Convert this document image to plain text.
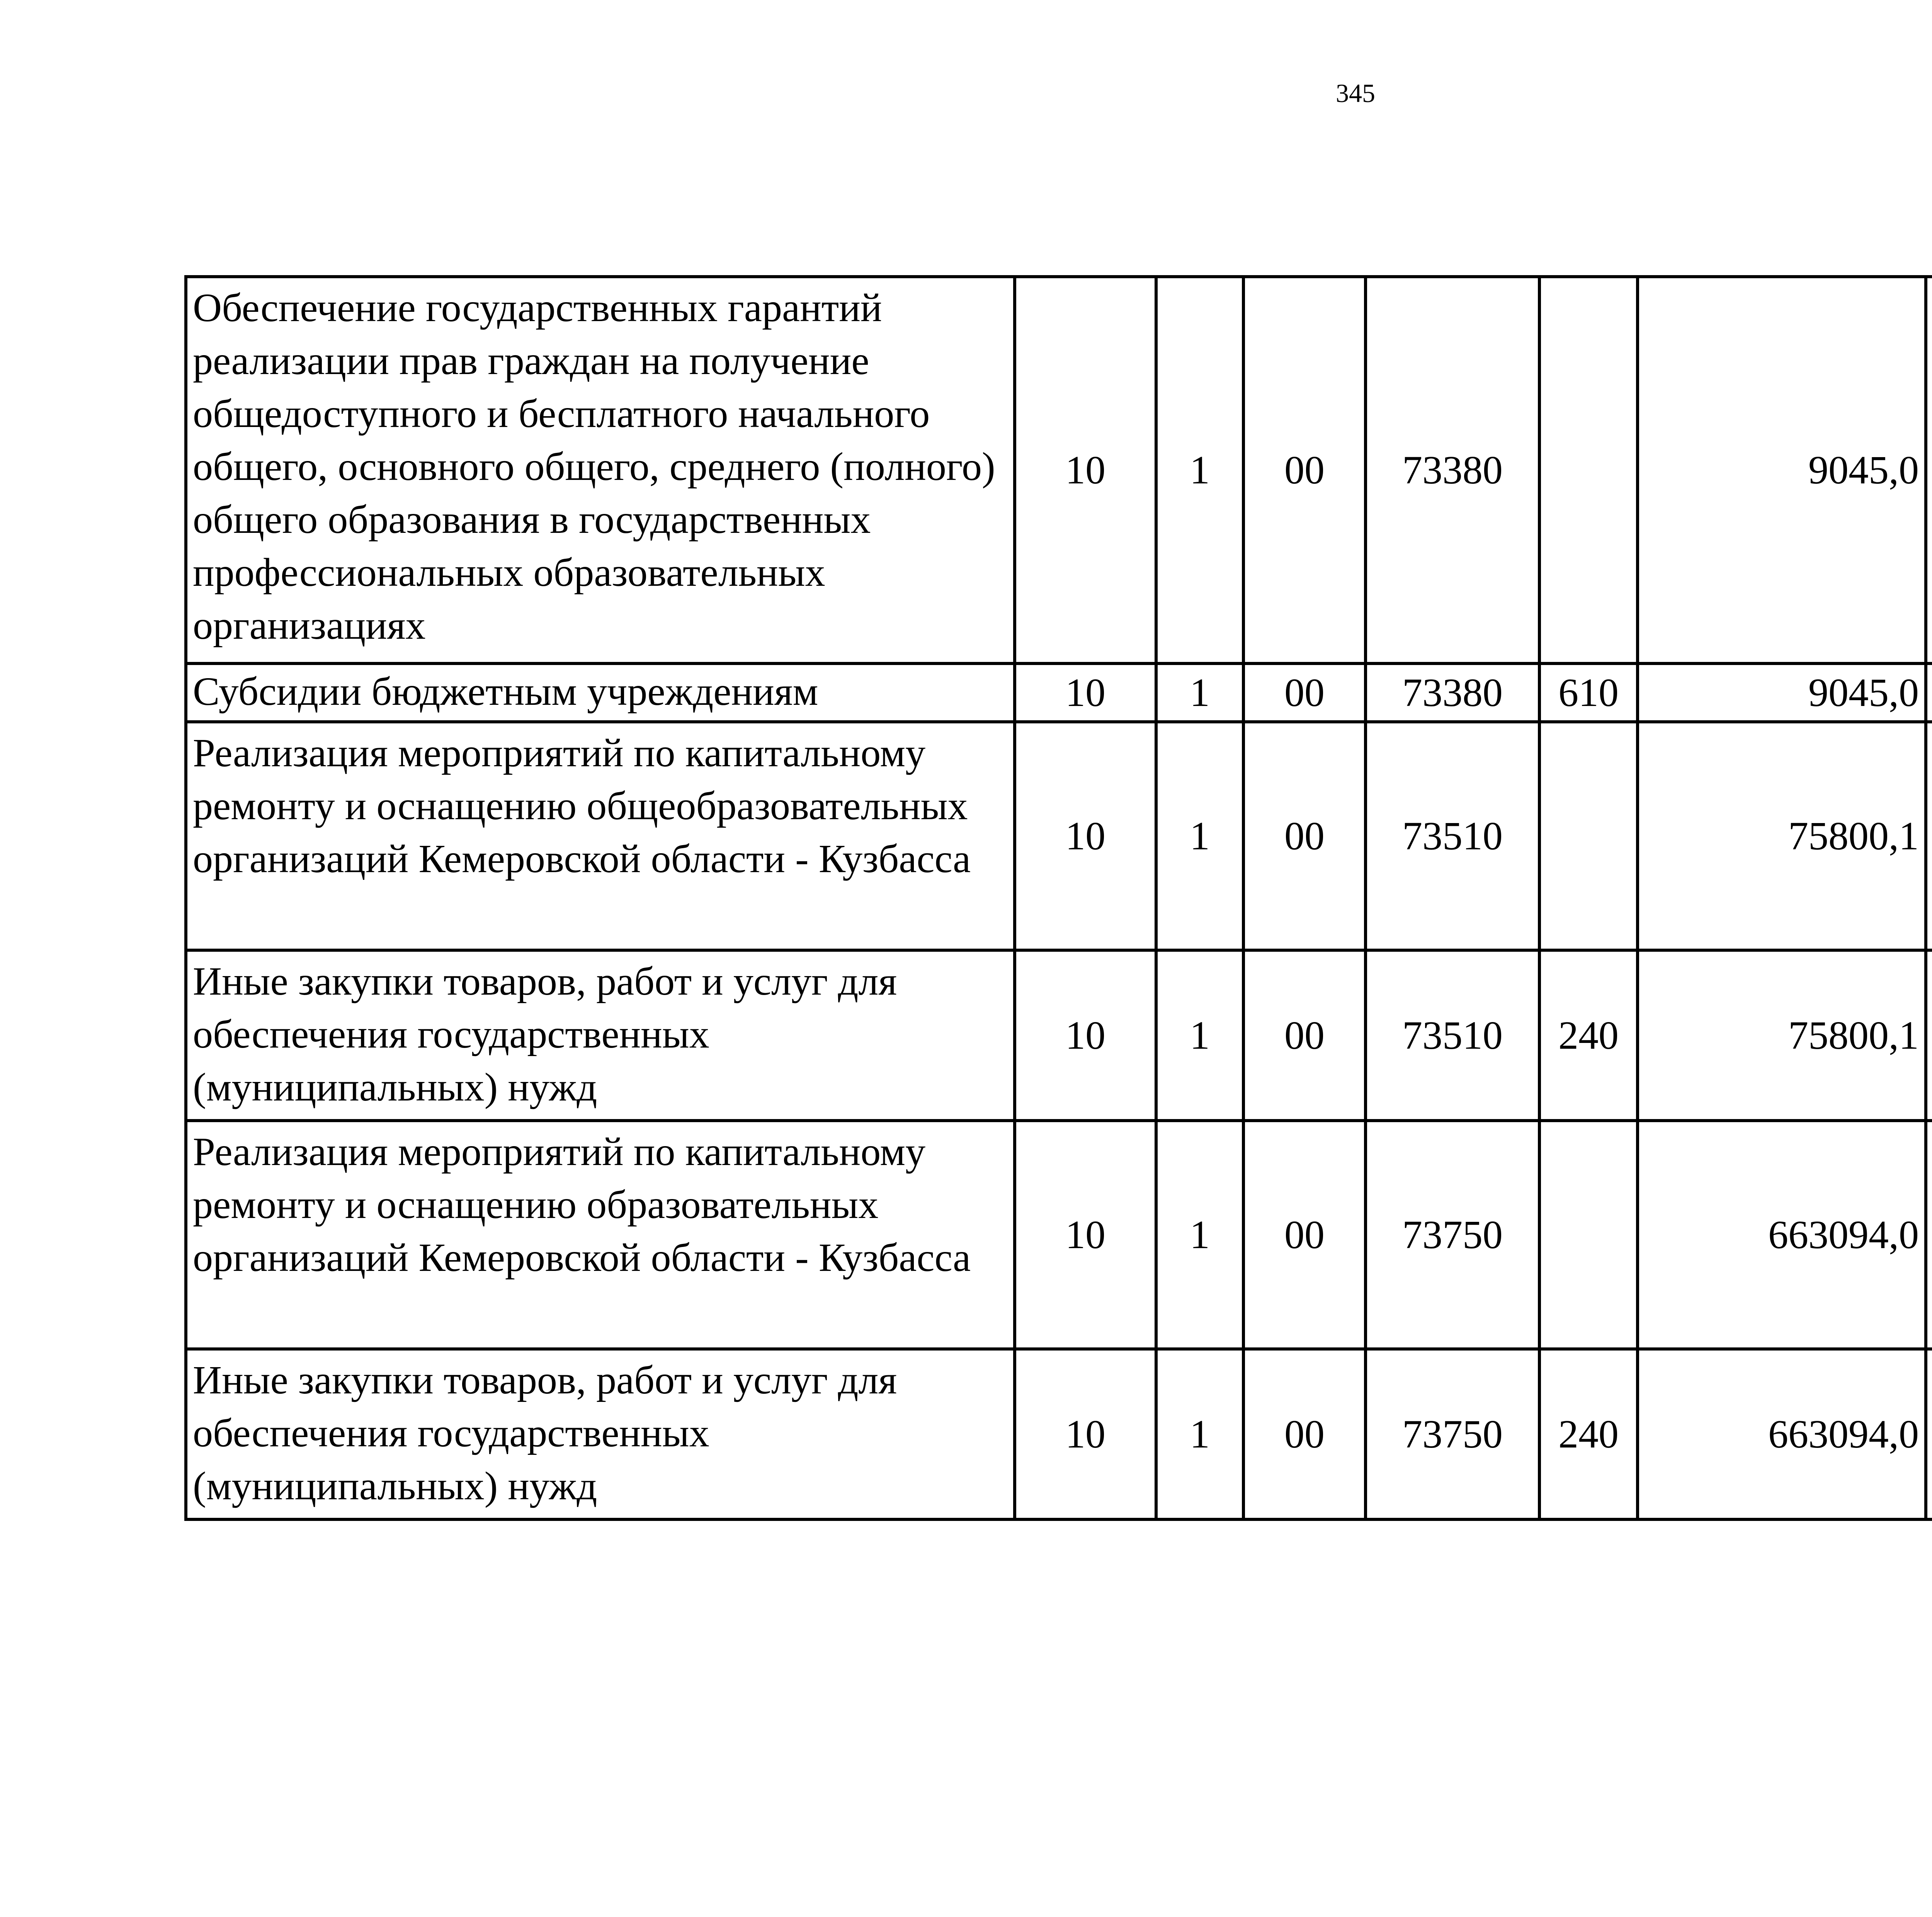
345
Обеспечение государственных гарантий реализации прав граждан на получение общедоступного и бесплатного начального общего, основного общего, среднего (полного) общего образования в государственных профессиональных образовательных организациях	10	1	00	73380		9045,0		
Субсидии бюджетным учреждениям	10	1	00	73380	610	9045,0		
Реализация мероприятий по капитальному ремонту и оснащению общеобразовательных организаций Кемеровской области - Кузбасса	10	1	00	73510		75800,1		
Иные закупки товаров, работ и услуг для обеспечения государственных (муниципальных) нужд	10	1	00	73510	240	75800,1		
Реализация мероприятий по капитальному ремонту и оснащению образовательных организаций Кемеровской области - Кузбасса	10	1	00	73750		663094,0		
Иные закупки товаров, работ и услуг для обеспечения государственных (муниципальных) нужд	10	1	00	73750	240	663094,0		
